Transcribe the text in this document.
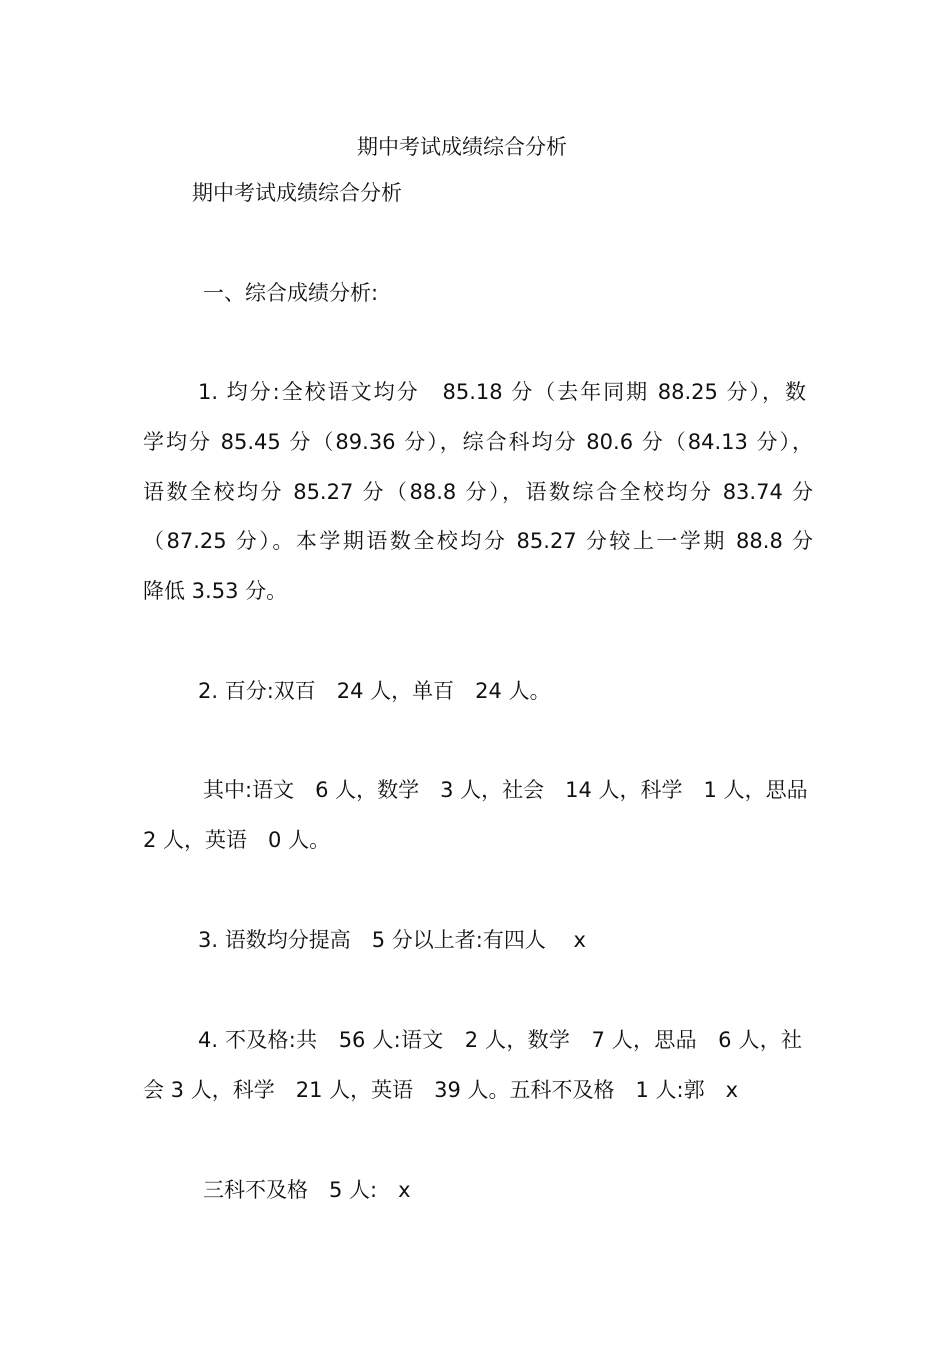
期中考试成绩综合分析
期中考试成绩综合分析
一、综合成绩分析:
1. 均分:全校语文均分　85.18 分（去年同期 88.25 分），数
学均分 85.45 分（89.36 分），综合科均分 80.6 分（84.13 分），
语数全校均分 85.27 分（88.8 分），语数综合全校均分 83.74 分
（87.25 分）。本学期语数全校均分 85.27 分较上一学期 88.8 分
降低 3.53 分。
2. 百分:双百　24 人，单百　24 人。
其中:语文　6 人，数学　3 人，社会　14 人，科学　1 人，思品
2 人，英语　0 人。
3. 语数均分提高　5 分以上者:有四人　 x
4. 不及格:共　56 人:语文　2 人，数学　7 人，思品　6 人，社
会 3 人，科学　21 人，英语　39 人。五科不及格　1 人:郭　x
三科不及格　5 人:　x
